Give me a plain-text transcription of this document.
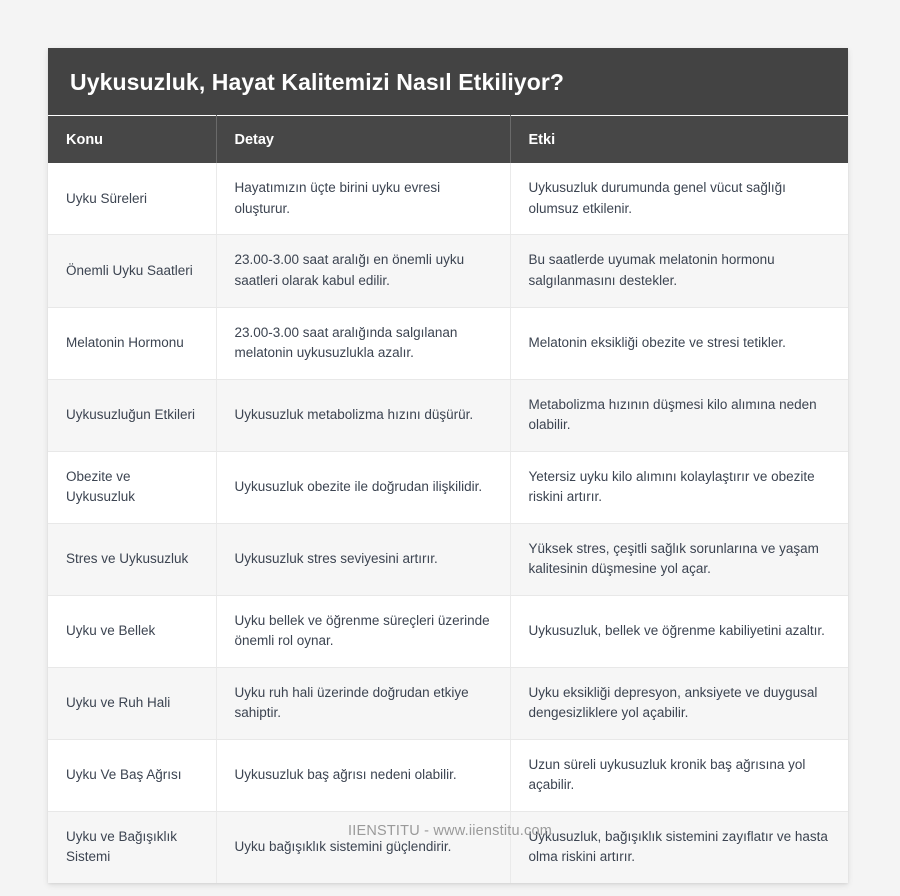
Uykusuzluk, Hayat Kalitemizi Nasıl Etkiliyor?
Konu	Detay	Etki
Uyku Süreleri	Hayatımızın üçte birini uyku evresi oluşturur.	Uykusuzluk durumunda genel vücut sağlığı olumsuz etkilenir.
Önemli Uyku Saatleri	23.00-3.00 saat aralığı en önemli uyku saatleri olarak kabul edilir.	Bu saatlerde uyumak melatonin hormonu salgılanmasını destekler.
Melatonin Hormonu	23.00-3.00 saat aralığında salgılanan melatonin uykusuzlukla azalır.	Melatonin eksikliği obezite ve stresi tetikler.
Uykusuzluğun Etkileri	Uykusuzluk metabolizma hızını düşürür.	Metabolizma hızının düşmesi kilo alımına neden olabilir.
Obezite ve Uykusuzluk	Uykusuzluk obezite ile doğrudan ilişkilidir.	Yetersiz uyku kilo alımını kolaylaştırır ve obezite riskini artırır.
Stres ve Uykusuzluk	Uykusuzluk stres seviyesini artırır.	Yüksek stres, çeşitli sağlık sorunlarına ve yaşam kalitesinin düşmesine yol açar.
Uyku ve Bellek	Uyku bellek ve öğrenme süreçleri üzerinde önemli rol oynar.	Uykusuzluk, bellek ve öğrenme kabiliyetini azaltır.
Uyku ve Ruh Hali	Uyku ruh hali üzerinde doğrudan etkiye sahiptir.	Uyku eksikliği depresyon, anksiyete ve duygusal dengesizliklere yol açabilir.
Uyku Ve Baş Ağrısı	Uykusuzluk baş ağrısı nedeni olabilir.	Uzun süreli uykusuzluk kronik baş ağrısına yol açabilir.
Uyku ve Bağışıklık Sistemi	Uyku bağışıklık sistemini güçlendirir.	Uykusuzluk, bağışıklık sistemini zayıflatır ve hasta olma riskini artırır.
IIENSTITU - www.iienstitu.com
